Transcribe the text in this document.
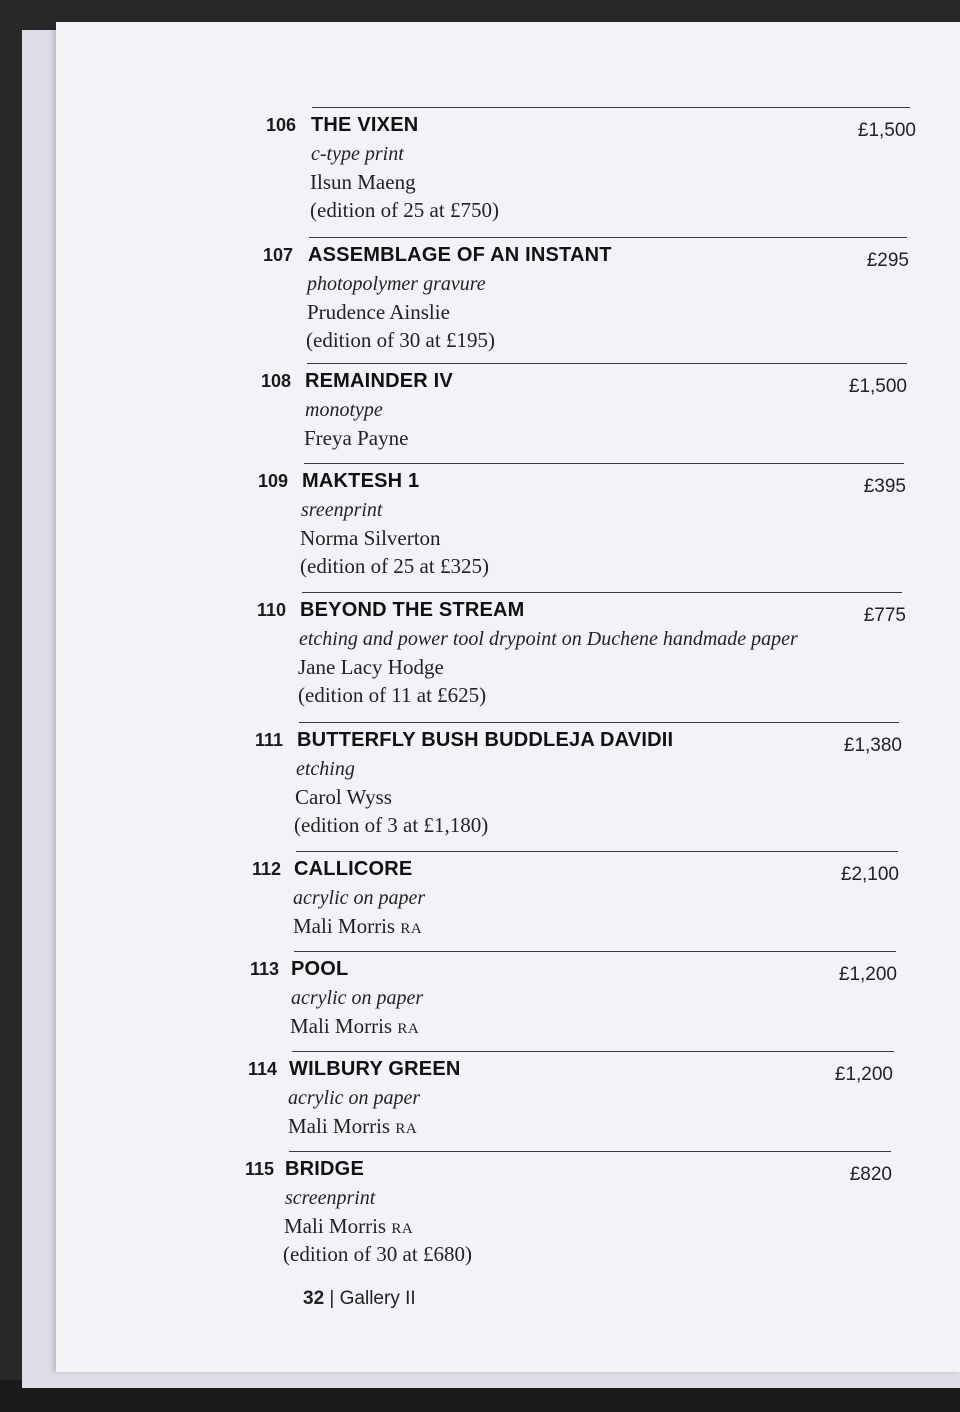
106 THE VIXEN	£1,500
c-type print
Ilsun Maeng
(edition of 25 at £750)
107 ASSEMBLAGE OF AN INSTANT	£295
photopolymer gravure
Prudence Ainslie
(edition of 30 at £195)
108 REMAINDER IV	£1,500
monotype
Freya Payne
109 MAKTESH 1	£395
sreenprint
Norma Silverton
(edition of 25 at £325)
110 BEYOND THE STREAM	£775
etching and power tool drypoint on Duchene handmade paper
Jane Lacy Hodge
(edition of 11 at £625)
111 BUTTERFLY BUSH BUDDLEJA DAVIDII	£1,380
etching
Carol Wyss
(edition of 3 at £1,180)
112 CALLICORE	£2,100
acrylic on paper
Mali Morris RA
113 POOL	£1,200
acrylic on paper
Mali Morris RA
114 WILBURY GREEN	£1,200
acrylic on paper
Mali Morris RA
115 BRIDGE	£820
screenprint
Mali Morris RA
(edition of 30 at £680)
32 | Gallery II
